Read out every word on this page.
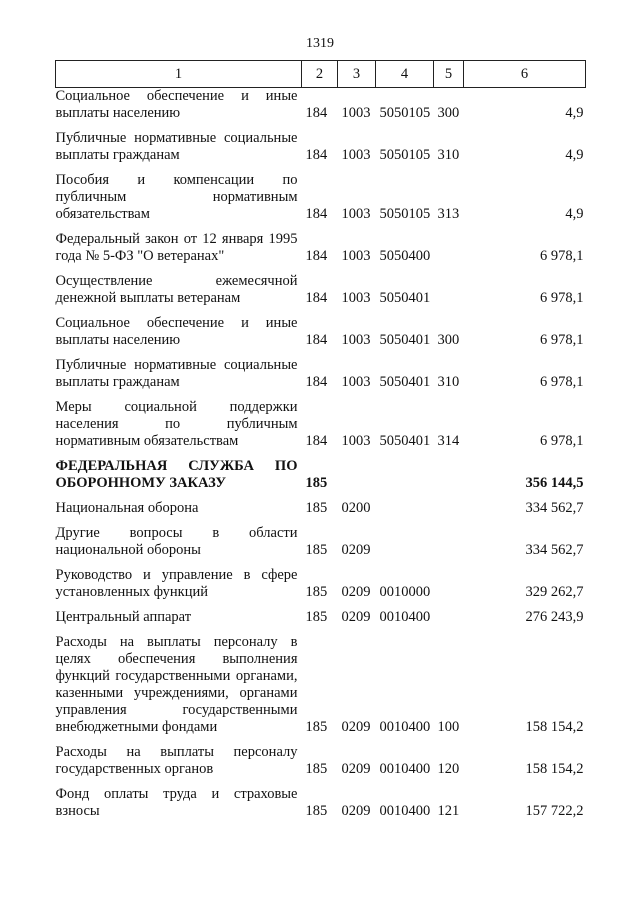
1319
1	2	3	4	5	6

Социальное обеспечение и иные выплаты населению	184	1003	5050105	300	4,9

Публичные нормативные социальные выплаты гражданам	184	1003	5050105	310	4,9

Пособия и компенсации по публичным нормативным обязательствам	184	1003	5050105	313	4,9

Федеральный закон от 12 января 1995 года № 5-ФЗ "О ветеранах"	184	1003	5050400		6 978,1

Осуществление ежемесячной денежной выплаты ветеранам	184	1003	5050401		6 978,1

Социальное обеспечение и иные выплаты населению	184	1003	5050401	300	6 978,1

Публичные нормативные социальные выплаты гражданам	184	1003	5050401	310	6 978,1

Меры социальной поддержки населения по публичным нормативным обязательствам	184	1003	5050401	314	6 978,1

ФЕДЕРАЛЬНАЯ СЛУЖБА ПО ОБОРОННОМУ ЗАКАЗУ	185				356 144,5

Национальная оборона	185	0200			334 562,7

Другие вопросы в области национальной обороны	185	0209			334 562,7

Руководство и управление в сфере установленных функций	185	0209	0010000		329 262,7

Центральный аппарат	185	0209	0010400		276 243,9

Расходы на выплаты персоналу в целях обеспечения выполнения функций государственными органами, казенными учреждениями, органами управления государственными внебюджетными фондами	185	0209	0010400	100	158 154,2

Расходы на выплаты персоналу государственных органов	185	0209	0010400	120	158 154,2

Фонд оплаты труда и страховые взносы	185	0209	0010400	121	157 722,2
